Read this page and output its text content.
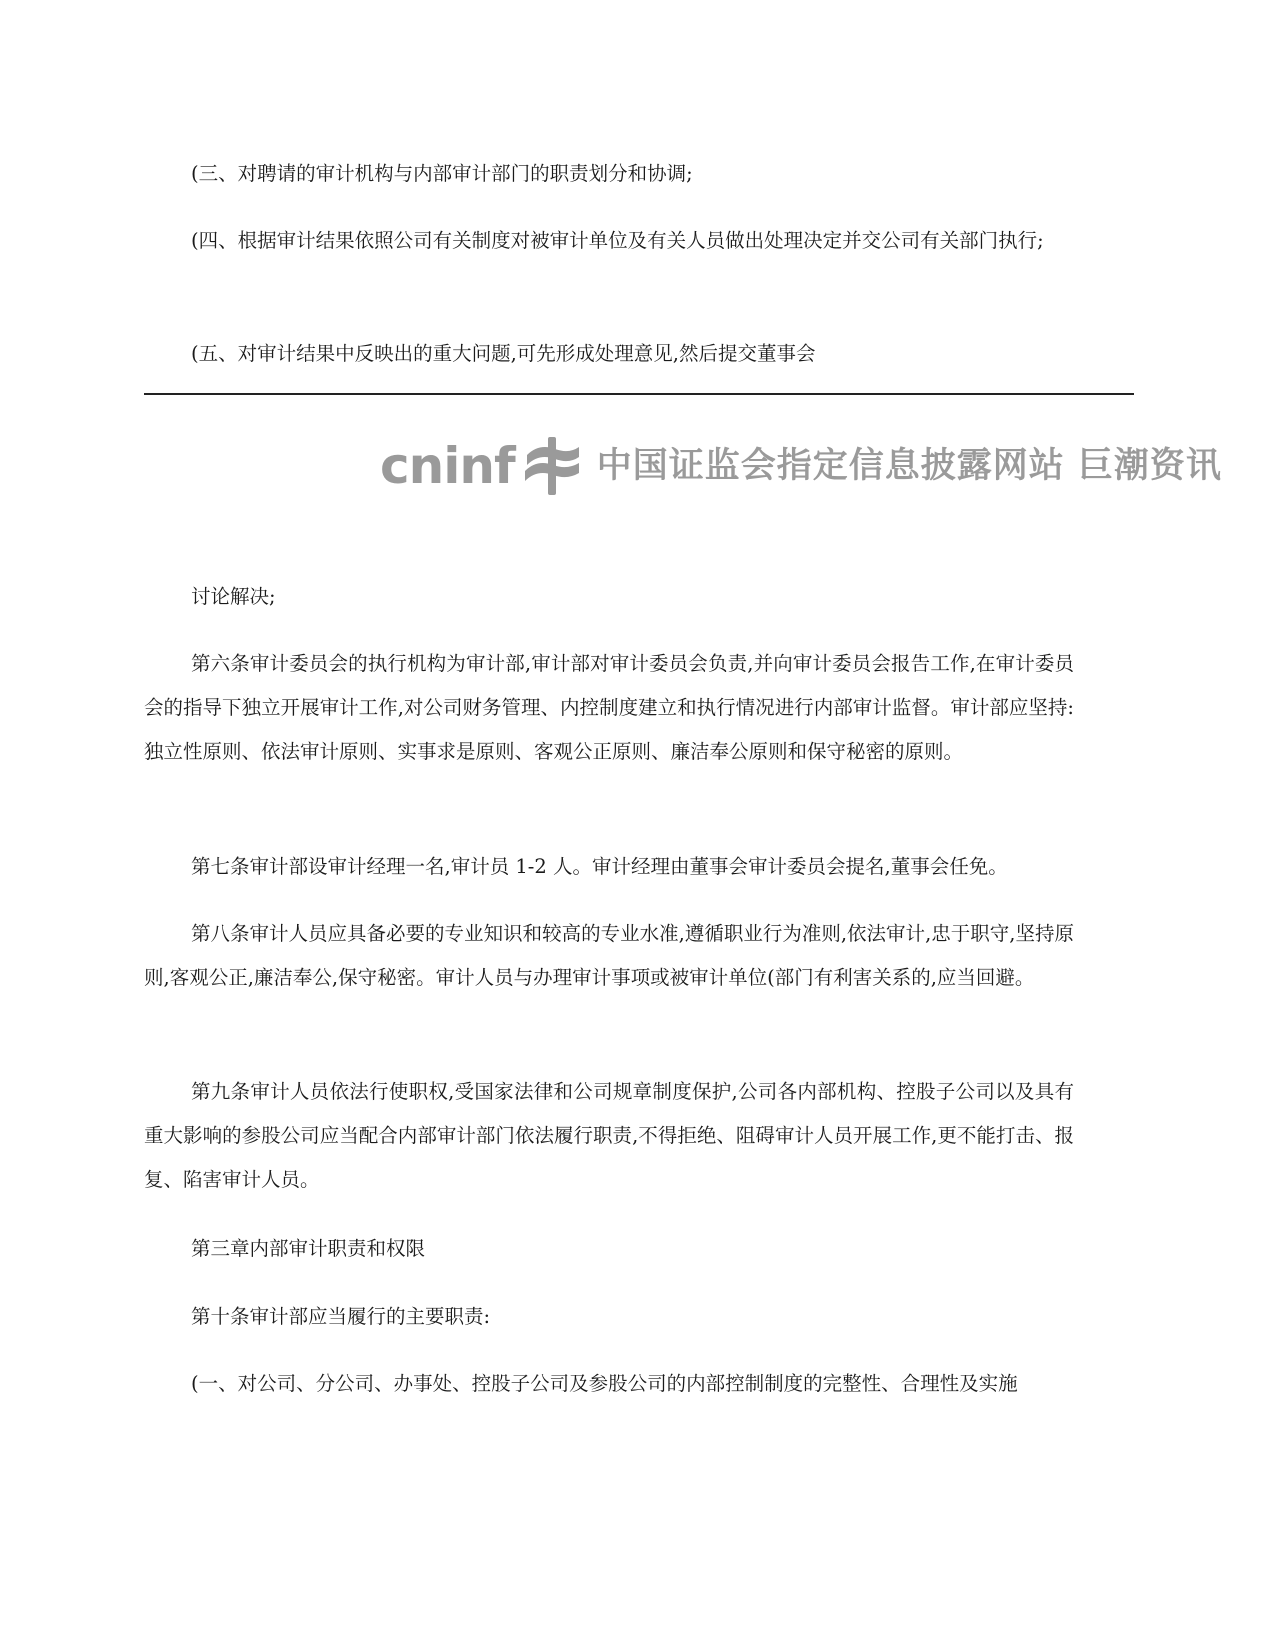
(三、对聘请的审计机构与内部审计部门的职责划分和协调;

(四、根据审计结果依照公司有关制度对被审计单位及有关人员做出处理决定并交公司有关部门执行;

(五、对审计结果中反映出的重大问题,可先形成处理意见,然后提交董事会

cninf 中国证监会指定信息披露网站 巨潮资讯

讨论解决;

第六条审计委员会的执行机构为审计部,审计部对审计委员会负责,并向审计委员会报告工作,在审计委员会的指导下独立开展审计工作,对公司财务管理、内控制度建立和执行情况进行内部审计监督。审计部应坚持:独立性原则、依法审计原则、实事求是原则、客观公正原则、廉洁奉公原则和保守秘密的原则。

第七条审计部设审计经理一名,审计员 1-2 人。审计经理由董事会审计委员会提名,董事会任免。

第八条审计人员应具备必要的专业知识和较高的专业水准,遵循职业行为准则,依法审计,忠于职守,坚持原则,客观公正,廉洁奉公,保守秘密。审计人员与办理审计事项或被审计单位(部门有利害关系的,应当回避。

第九条审计人员依法行使职权,受国家法律和公司规章制度保护,公司各内部机构、控股子公司以及具有重大影响的参股公司应当配合内部审计部门依法履行职责,不得拒绝、阻碍审计人员开展工作,更不能打击、报复、陷害审计人员。

第三章内部审计职责和权限

第十条审计部应当履行的主要职责:

(一、对公司、分公司、办事处、控股子公司及参股公司的内部控制制度的完整性、合理性及实施
